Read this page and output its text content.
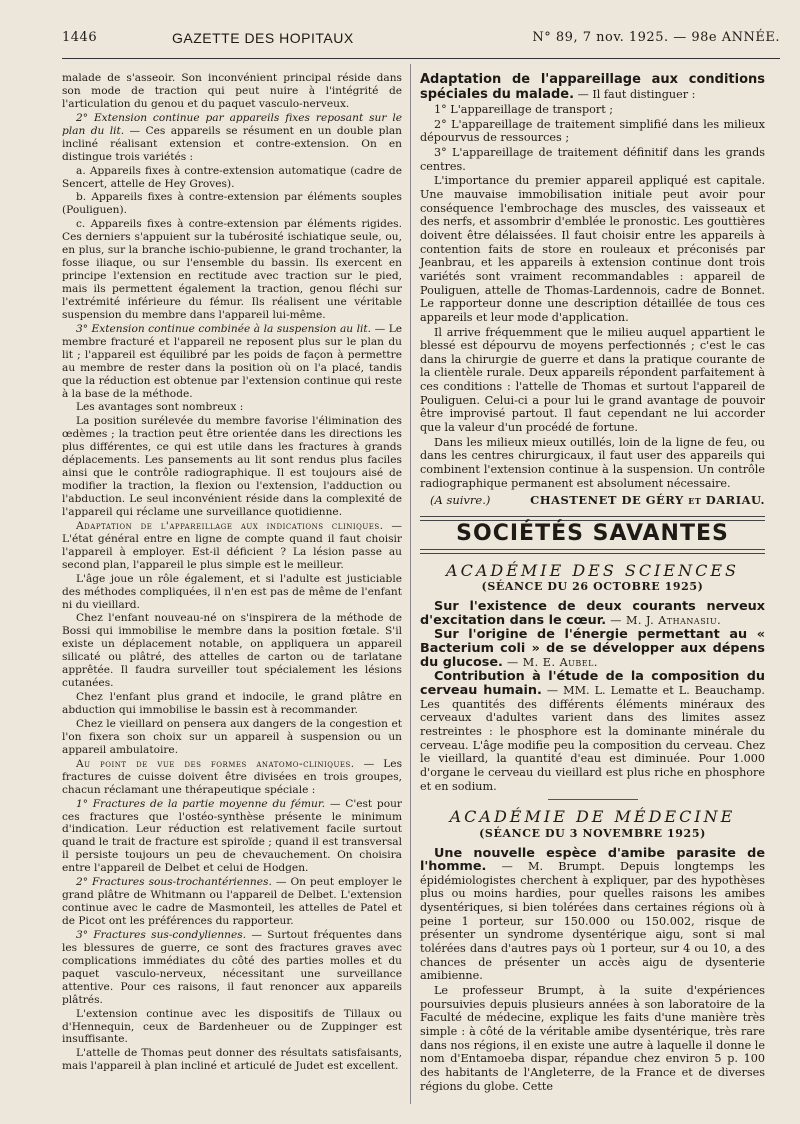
1446	GAZETTE DES HOPITAUX	N° 89, 7 nov. 1925. — 98e ANNÉE.

malade de s'asseoir. Son inconvénient principal réside dans son mode de traction qui peut nuire à l'intégrité de l'articulation du genou et du paquet vasculo-nerveux.

2° Extension continue par appareils fixes reposant sur le plan du lit. — Ces appareils se résument en un double plan incliné réalisant extension et contre-extension. On en distingue trois variétés :

a. Appareils fixes à contre-extension automatique (cadre de Sencert, attelle de Hey Groves).

b. Appareils fixes à contre-extension par éléments souples (Pouliguen).

c. Appareils fixes à contre-extension par éléments rigides. Ces derniers s'appuient sur la tubérosité ischiatique seule, ou, en plus, sur la branche ischio-pubienne, le grand trochanter, la fosse iliaque, ou sur l'ensemble du bassin. Ils exercent en principe l'extension en rectitude avec traction sur le pied, mais ils permettent également la traction, genou fléchi sur l'extrémité inférieure du fémur. Ils réalisent une véritable suspension du membre dans l'appareil lui-même.

3° Extension continue combinée à la suspension au lit. — Le membre fracturé et l'appareil ne reposent plus sur le plan du lit ; l'appareil est équilibré par les poids de façon à permettre au membre de rester dans la position où on l'a placé, tandis que la réduction est obtenue par l'extension continue qui reste à la base de la méthode.

Les avantages sont nombreux :

La position surélevée du membre favorise l'élimination des œdèmes ; la traction peut être orientée dans les directions les plus différentes, ce qui est utile dans les fractures à grands déplacements. Les pansements au lit sont rendus plus faciles ainsi que le contrôle radiographique. Il est toujours aisé de modifier la traction, la flexion ou l'extension, l'adduction ou l'abduction. Le seul inconvénient réside dans la complexité de l'appareil qui réclame une surveillance quotidienne.

Adaptation de l'appareillage aux indications cliniques. — L'état général entre en ligne de compte quand il faut choisir l'appareil à employer. Est-il déficient ? La lésion passe au second plan, l'appareil le plus simple est le meilleur.

L'âge joue un rôle également, et si l'adulte est justiciable des méthodes compliquées, il n'en est pas de même de l'enfant ni du vieillard.

Chez l'enfant nouveau-né on s'inspirera de la méthode de Bossi qui immobilise le membre dans la position fœtale. S'il existe un déplacement notable, on appliquera un appareil silicaté ou plâtré, des attelles de carton ou de tarlatane apprêtée. Il faudra surveiller tout spécialement les lésions cutanées.

Chez l'enfant plus grand et indocile, le grand plâtre en abduction qui immobilise le bassin est à recommander.

Chez le vieillard on pensera aux dangers de la congestion et l'on fixera son choix sur un appareil à suspension ou un appareil ambulatoire.

Au point de vue des formes anatomo-cliniques. — Les fractures de cuisse doivent être divisées en trois groupes, chacun réclamant une thérapeutique spéciale :

1° Fractures de la partie moyenne du fémur. — C'est pour ces fractures que l'ostéo-synthèse présente le minimum d'indication. Leur réduction est relativement facile surtout quand le trait de fracture est spiroïde ; quand il est transversal il persiste toujours un peu de chevauchement. On choisira entre l'appareil de Delbet et celui de Hodgen.

2° Fractures sous-trochantériennes. — On peut employer le grand plâtre de Whitmann ou l'appareil de Delbet. L'extension continue avec le cadre de Masmonteil, les attelles de Patel et de Picot ont les préférences du rapporteur.

3° Fractures sus-condyliennes. — Surtout fréquentes dans les blessures de guerre, ce sont des fractures graves avec complications immédiates du côté des parties molles et du paquet vasculo-nerveux, nécessitant une surveillance attentive. Pour ces raisons, il faut renoncer aux appareils plâtrés.

L'extension continue avec les dispositifs de Tillaux ou d'Hennequin, ceux de Bardenheuer ou de Zuppinger est insuffisante.

L'attelle de Thomas peut donner des résultats satisfaisants, mais l'appareil à plan incliné et articulé de Judet est excellent.

Adaptation de l'appareillage aux conditions spéciales du malade. — Il faut distinguer :

1° L'appareillage de transport ;

2° L'appareillage de traitement simplifié dans les milieux dépourvus de ressources ;

3° L'appareillage de traitement définitif dans les grands centres.

L'importance du premier appareil appliqué est capitale. Une mauvaise immobilisation initiale peut avoir pour conséquence l'embrochage des muscles, des vaisseaux et des nerfs, et assombrir d'emblée le pronostic. Les gouttières doivent être délaissées. Il faut choisir entre les appareils à contention faits de store en rouleaux et préconisés par Jeanbrau, et les appareils à extension continue dont trois variétés sont vraiment recommandables : appareil de Pouliguen, attelle de Thomas-Lardennois, cadre de Bonnet. Le rapporteur donne une description détaillée de tous ces appareils et leur mode d'application.

Il arrive fréquemment que le milieu auquel appartient le blessé est dépourvu de moyens perfectionnés ; c'est le cas dans la chirurgie de guerre et dans la pratique courante de la clientèle rurale. Deux appareils répondent parfaitement à ces conditions : l'attelle de Thomas et surtout l'appareil de Pouliguen. Celui-ci a pour lui le grand avantage de pouvoir être improvisé partout. Il faut cependant ne lui accorder que la valeur d'un procédé de fortune.

Dans les milieux mieux outillés, loin de la ligne de feu, ou dans les centres chirurgicaux, il faut user des appareils qui combinent l'extension continue à la suspension. Un contrôle radiographique permanent est absolument nécessaire.

(A suivre.)	CHASTENET DE GÉRY et DARIAU.
SOCIÉTÉS SAVANTES
ACADÉMIE DES SCIENCES
(SÉANCE DU 26 OCTOBRE 1925)

Sur l'existence de deux courants nerveux d'excitation dans le cœur. — M. J. Athanasiu.

Sur l'origine de l'énergie permettant au « Bacterium coli » de se développer aux dépens du glucose. — M. E. Aubel.

Contribution à l'étude de la composition du cerveau humain. — MM. L. Lematte et L. Beauchamp. Les quantités des différents éléments minéraux des cerveaux d'adultes varient dans des limites assez restreintes : le phosphore est la dominante minérale du cerveau. L'âge modifie peu la composition du cerveau. Chez le vieillard, la quantité d'eau est diminuée. Pour 1.000 d'organe le cerveau du vieillard est plus riche en phosphore et en sodium.

ACADÉMIE DE MÉDECINE
(SÉANCE DU 3 NOVEMBRE 1925)

Une nouvelle espèce d'amibe parasite de l'homme. — M. Brumpt. Depuis longtemps les épidémiologistes cherchent à expliquer, par des hypothèses plus ou moins hardies, pour quelles raisons les amibes dysentériques, si bien tolérées dans certaines régions où à peine 1 porteur, sur 150.000 ou 150.002, risque de présenter un syndrome dysentérique aigu, sont si mal tolérées dans d'autres pays où 1 porteur, sur 4 ou 10, a des chances de présenter un accès aigu de dysenterie amibienne.

Le professeur Brumpt, à la suite d'expériences poursuivies depuis plusieurs années à son laboratoire de la Faculté de médecine, explique les faits d'une manière très simple : à côté de la véritable amibe dysentérique, très rare dans nos régions, il en existe une autre à laquelle il donne le nom d'Entamoeba dispar, répandue chez environ 5 p. 100 des habitants de l'Angleterre, de la France et de diverses régions du globe. Cette
